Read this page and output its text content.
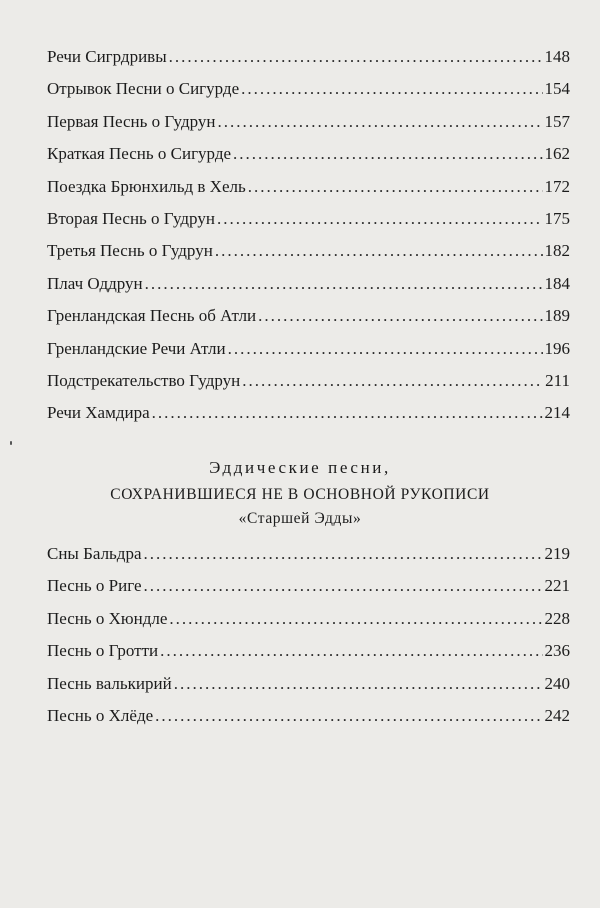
Речи Сигрдривы .....	148
Отрывок Песни о Сигурде .....	154
Первая Песнь о Гудрун .....	157
Краткая Песнь о Сигурде .....	162
Поездка Брюнхильд в Хель .....	172
Вторая Песнь о Гудрун .....	175
Третья Песнь о Гудрун .....	182
Плач Оддрун .....	184
Гренландская Песнь об Атли .....	189
Гренландские Речи Атли .....	196
Подстрекательство Гудрун .....	211
Речи Хамдира .....	214

Эддические песни,

СОХРАНИВШИЕСЯ НЕ В ОСНОВНОЙ РУКОПИСИ

«Старшей Эдды»

Сны Бальдра .....	219
Песнь о Риге .....	221
Песнь о Хюндле .....	228
Песнь о Гротти .....	236
Песнь валькирий .....	240
Песнь о Хлёде .....	242
